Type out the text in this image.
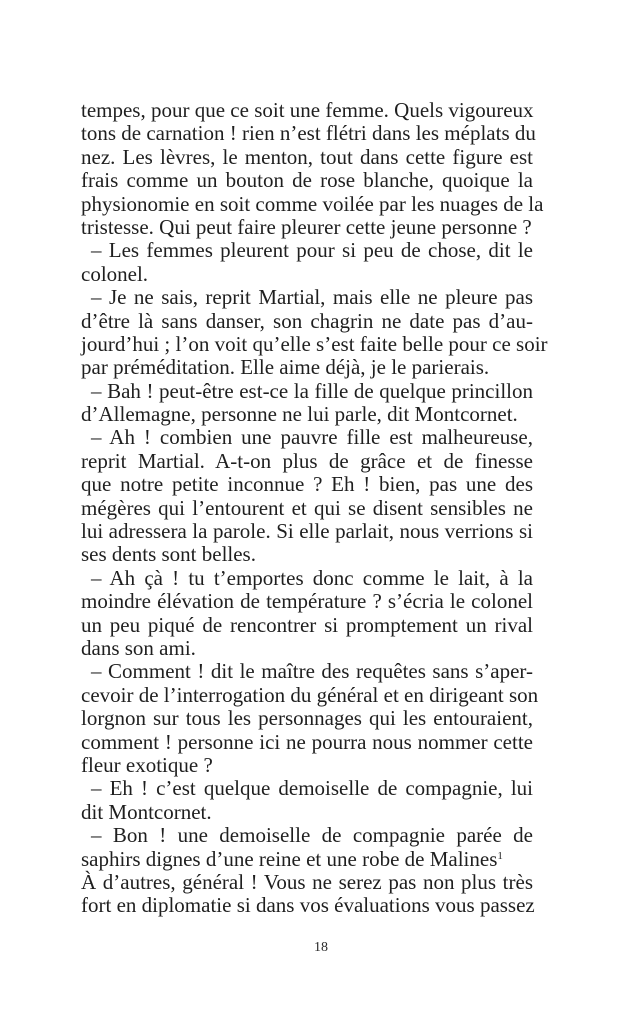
tempes, pour que ce soit une femme. Quels vigoureux
tons de carnation ! rien n’est flétri dans les méplats du
nez. Les lèvres, le menton, tout dans cette figure est
frais comme un bouton de rose blanche, quoique la
physionomie en soit comme voilée par les nuages de la
tristesse. Qui peut faire pleurer cette jeune personne ?
– Les femmes pleurent pour si peu de chose, dit le
colonel.
– Je ne sais, reprit Martial, mais elle ne pleure pas
d’être là sans danser, son chagrin ne date pas d’au-
jourd’hui ; l’on voit qu’elle s’est faite belle pour ce soir
par préméditation. Elle aime déjà, je le parierais.
– Bah ! peut-être est-ce la fille de quelque princillon
d’Allemagne, personne ne lui parle, dit Montcornet.
– Ah ! combien une pauvre fille est malheureuse,
reprit Martial. A-t-on plus de grâce et de finesse
que notre petite inconnue ? Eh ! bien, pas une des
mégères qui l’entourent et qui se disent sensibles ne
lui adressera la parole. Si elle parlait, nous verrions si
ses dents sont belles.
– Ah çà ! tu t’emportes donc comme le lait, à la
moindre élévation de température ? s’écria le colonel
un peu piqué de rencontrer si promptement un rival
dans son ami.
– Comment ! dit le maître des requêtes sans s’aper-
cevoir de l’interrogation du général et en dirigeant son
lorgnon sur tous les personnages qui les entouraient,
comment ! personne ici ne pourra nous nommer cette
fleur exotique ?
– Eh ! c’est quelque demoiselle de compagnie, lui
dit Montcornet.
– Bon ! une demoiselle de compagnie parée de
saphirs dignes d’une reine et une robe de Malines$^1$
À d’autres, général ! Vous ne serez pas non plus très
fort en diplomatie si dans vos évaluations vous passez
18
